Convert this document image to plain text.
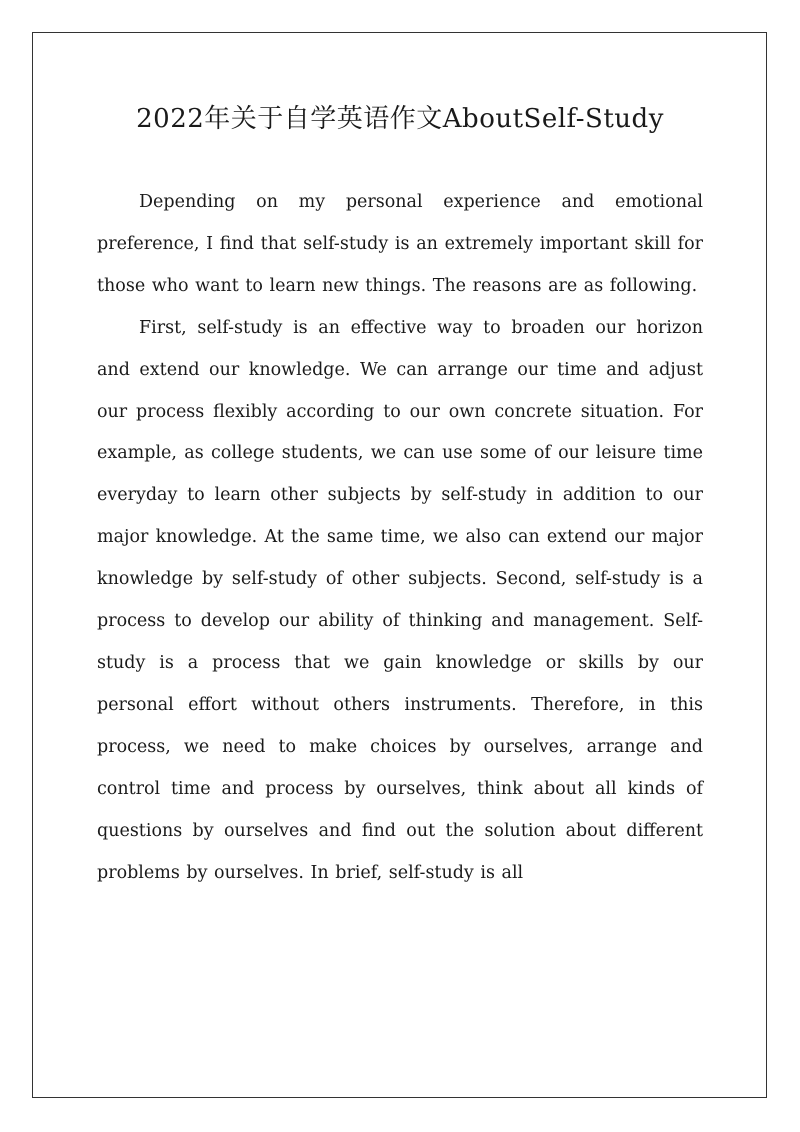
2022年关于自学英语作文AboutSelf-Study

Depending on my personal experience and emotional preference, I find that self-study is an extremely important skill for those who want to learn new things. The reasons are as following.

First, self-study is an effective way to broaden our horizon and extend our knowledge. We can arrange our time and adjust our process flexibly according to our own concrete situation. For example, as college students, we can use some of our leisure time everyday to learn other subjects by self-study in addition to our major knowledge. At the same time, we also can extend our major knowledge by self-study of other subjects. Second, self-study is a process to develop our ability of thinking and management. Self-study is a process that we gain knowledge or skills by our personal effort without others instruments. Therefore, in this process, we need to make choices by ourselves, arrange and control time and process by ourselves, think about all kinds of questions by ourselves and find out the solution about different problems by ourselves. In brief, self-study is all
